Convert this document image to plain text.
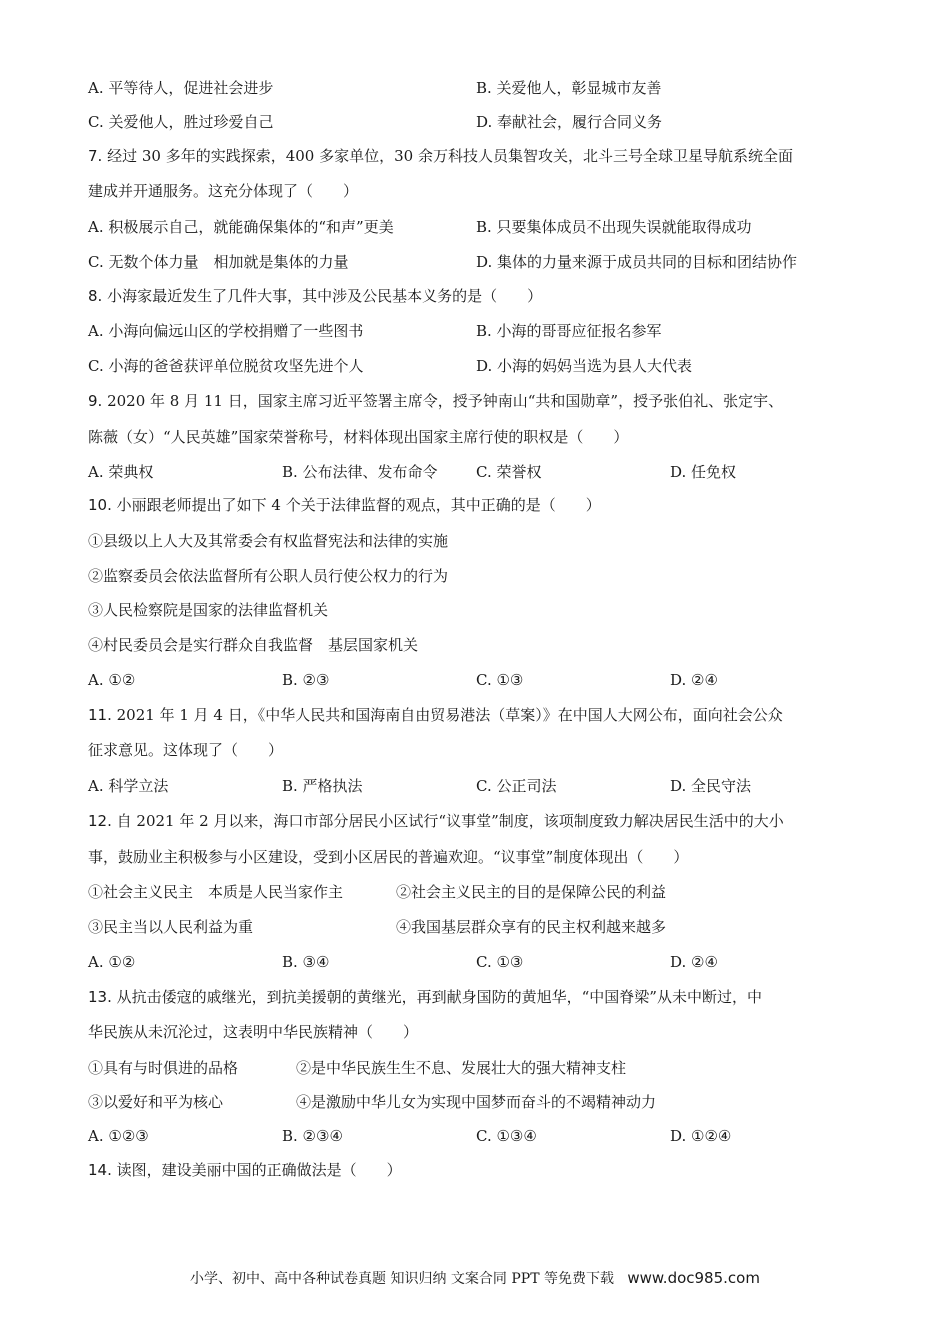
A. 平等待人，促进社会进步	B. 关爱他人，彰显城市友善
C. 关爱他人，胜过珍爱自己	D. 奉献社会，履行合同义务
7. 经过 30 多年的实践探索，400 多家单位，30 余万科技人员集智攻关，北斗三号全球卫星导航系统全面
建成并开通服务。这充分体现了（　　）
A. 积极展示自己，就能确保集体的“和声”更美	B. 只要集体成员不出现失误就能取得成功
C. 无数个体力量　相加就是集体的力量	D. 集体的力量来源于成员共同的目标和团结协作
8. 小海家最近发生了几件大事，其中涉及公民基本义务的是（　　）
A. 小海向偏远山区的学校捐赠了一些图书	B. 小海的哥哥应征报名参军
C. 小海的爸爸获评单位脱贫攻坚先进个人	D. 小海的妈妈当选为县人大代表
9. 2020 年 8 月 11 日，国家主席习近平签署主席令，授予钟南山“共和国勋章”，授予张伯礼、张定宇、
陈薇（女）“人民英雄”国家荣誉称号，材料体现出国家主席行使的职权是（　　）
A. 荣典权	B. 公布法律、发布命令	C. 荣誉权	D. 任免权
10. 小丽跟老师提出了如下 4 个关于法律监督的观点，其中正确的是（　　）
①县级以上人大及其常委会有权监督宪法和法律的实施
②监察委员会依法监督所有公职人员行使公权力的行为
③人民检察院是国家的法律监督机关
④村民委员会是实行群众自我监督　基层国家机关
A. ①②	B. ②③	C. ①③	D. ②④
11. 2021 年 1 月 4 日，《中华人民共和国海南自由贸易港法（草案）》在中国人大网公布，面向社会公众
征求意见。这体现了（　　）
A. 科学立法	B. 严格执法	C. 公正司法	D. 全民守法
12. 自 2021 年 2 月以来，海口市部分居民小区试行“议事堂”制度，该项制度致力解决居民生活中的大小
事，鼓励业主积极参与小区建设，受到小区居民的普遍欢迎。“议事堂”制度体现出（　　）
①社会主义民主　本质是人民当家作主	②社会主义民主的目的是保障公民的利益
③民主当以人民利益为重	④我国基层群众享有的民主权利越来越多
A. ①②	B. ③④	C. ①③	D. ②④
13. 从抗击倭寇的戚继光，到抗美援朝的黄继光，再到献身国防的黄旭华，“中国脊梁”从未中断过，中
华民族从未沉沦过，这表明中华民族精神（　　）
①具有与时俱进的品格	②是中华民族生生不息、发展壮大的强大精神支柱
③以爱好和平为核心	④是激励中华儿女为实现中国梦而奋斗的不竭精神动力
A. ①②③	B. ②③④	C. ①③④	D. ①②④
14. 读图，建设美丽中国的正确做法是（　　）
小学、初中、高中各种试卷真题 知识归纳 文案合同 PPT 等免费下载 www.doc985.com
